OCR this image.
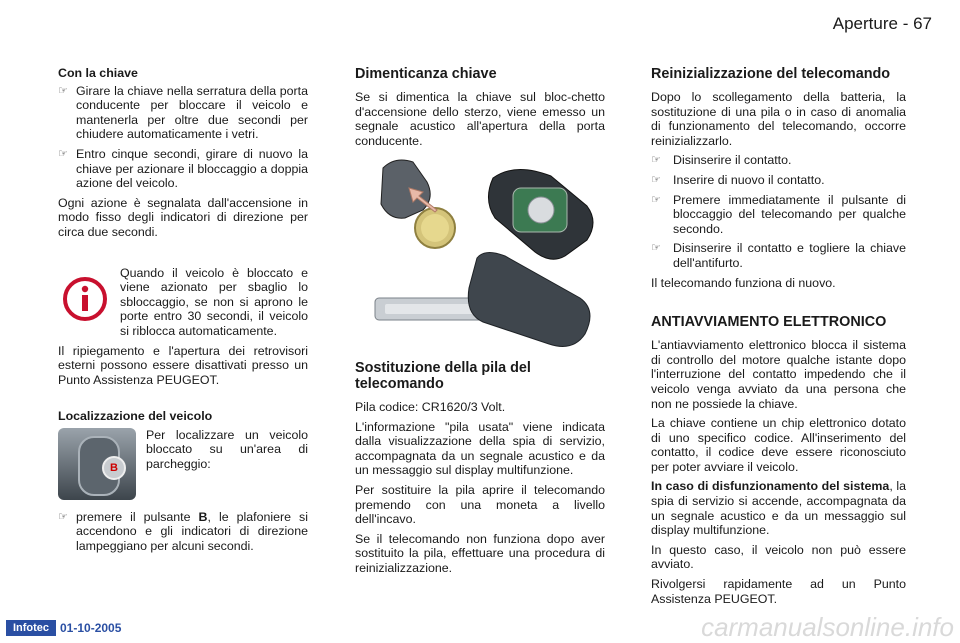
Aperture - 67
Con la chiave
☞ Girare la chiave nella serratura della porta conducente per bloccare il veicolo e mantenerla per oltre due secondi per chiudere automaticamente i vetri.
☞ Entro cinque secondi, girare di nuovo la chiave per azionare il bloccaggio a doppia azione del veicolo.

Ogni azione è segnalata dall'accensione in modo fisso degli indicatori di direzione per circa due secondi.

Quando il veicolo è bloccato e viene azionato per sbaglio lo sbloccaggio, se non si aprono le porte entro 30 secondi, il veicolo si riblocca automaticamente.

Il ripiegamento e l'apertura dei retrovisori esterni possono essere disattivati presso un Punto Assistenza PEUGEOT.

Localizzazione del veicolo
B

Per localizzare un veicolo bloccato su un'area di parcheggio:

☞ premere il pulsante B, le plafoniere si accendono e gli indicatori di direzione lampeggiano per alcuni secondi.
Dimenticanza chiave

Se si dimentica la chiave sul bloc-chetto d'accensione dello sterzo, viene emesso un segnale acustico all'apertura della porta conducente.

Sostituzione della pila del telecomando

Pila codice: CR1620/3 Volt.

L'informazione "pila usata" viene indicata dalla visualizzazione della spia di servizio, accompagnata da un segnale acustico e da un messaggio sul display multifunzione.

Per sostituire la pila aprire il telecomando premendo con una moneta a livello dell'incavo.

Se il telecomando non funziona dopo aver sostituito la pila, effettuare una procedura di reinizializzazione.

Reinizializzazione del telecomando

Dopo lo scollegamento della batteria, la sostituzione di una pila o in caso di anomalia di funzionamento del telecomando, occorre reinizializzarlo.

☞ Disinserire il contatto.
☞ Inserire di nuovo il contatto.
☞ Premere immediatamente il pulsante di bloccaggio del telecomando per qualche secondo.
☞ Disinserire il contatto e togliere la chiave dell'antifurto.

Il telecomando funziona di nuovo.

ANTIAVVIAMENTO ELETTRONICO

L'antiavviamento elettronico blocca il sistema di controllo del motore qualche istante dopo l'interruzione del contatto impedendo che il veicolo venga avviato da una persona che non ne possiede la chiave.

La chiave contiene un chip elettronico dotato di uno specifico codice. All'inserimento del contatto, il codice deve essere riconosciuto per poter avviare il veicolo.

In caso di disfunzionamento del sistema, la spia di servizio si accende, accompagnata da un segnale acustico e da un messaggio sul display multifunzione.

In questo caso, il veicolo non può essere avviato.

Rivolgersi rapidamente ad un Punto Assistenza PEUGEOT.

Infotec 01-10-2005	carmanualsonline.info
